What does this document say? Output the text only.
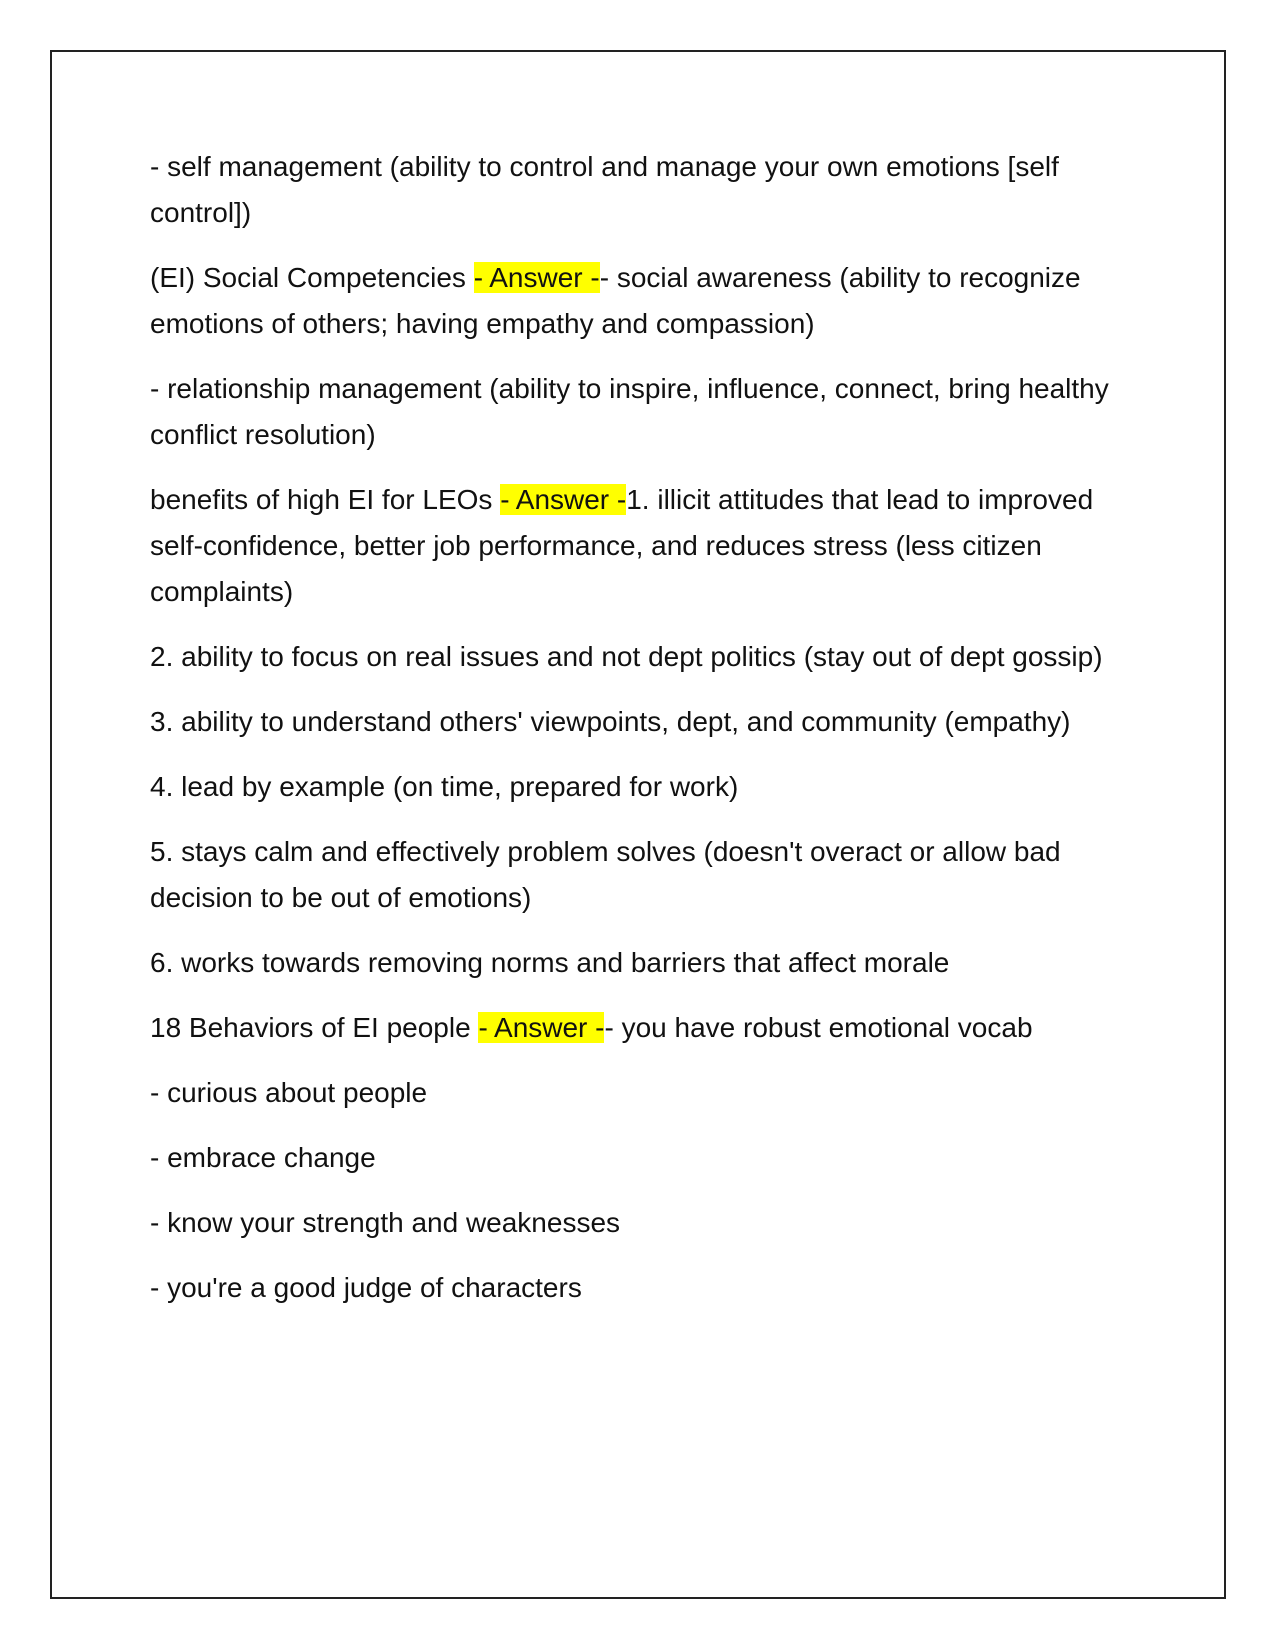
- self management (ability to control and manage your own emotions [self control])

(EI) Social Competencies - Answer -- social awareness (ability to recognize emotions of others; having empathy and compassion)

- relationship management (ability to inspire, influence, connect, bring healthy conflict resolution)

benefits of high EI for LEOs - Answer -1. illicit attitudes that lead to improved self-confidence, better job performance, and reduces stress (less citizen complaints)

2. ability to focus on real issues and not dept politics (stay out of dept gossip)

3. ability to understand others' viewpoints, dept, and community (empathy)

4. lead by example (on time, prepared for work)

5. stays calm and effectively problem solves (doesn't overact or allow bad decision to be out of emotions)

6. works towards removing norms and barriers that affect morale

18 Behaviors of EI people - Answer -- you have robust emotional vocab

- curious about people

- embrace change

- know your strength and weaknesses

- you're a good judge of characters
